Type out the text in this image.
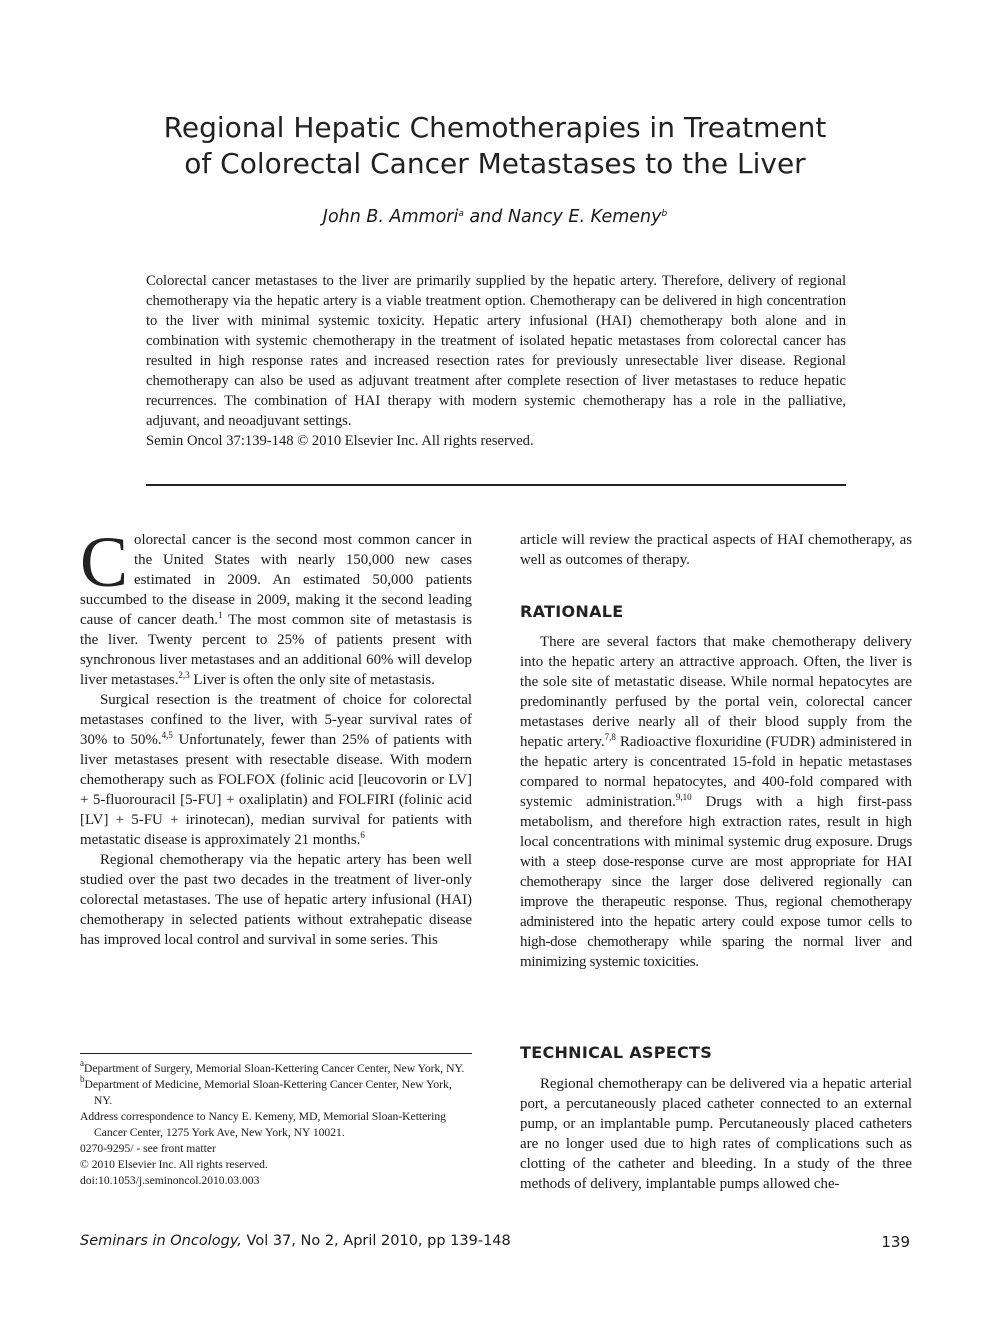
Regional Hepatic Chemotherapies in Treatment
of Colorectal Cancer Metastases to the Liver
John B. Ammori$^a$ and Nancy E. Kemeny$^b$

Colorectal cancer metastases to the liver are primarily supplied by the hepatic artery. Therefore, delivery of regional chemotherapy via the hepatic artery is a viable treatment option. Chemotherapy can be delivered in high concentration to the liver with minimal systemic toxicity. Hepatic artery infusional (HAI) chemotherapy both alone and in combination with systemic chemotherapy in the treatment of isolated hepatic metastases from colorectal cancer has resulted in high response rates and increased resection rates for previously unresectable liver disease. Regional chemotherapy can also be used as adjuvant treatment after complete resection of liver metastases to reduce hepatic recurrences. The combination of HAI therapy with modern systemic chemotherapy has a role in the palliative, adjuvant, and neoadjuvant settings.

Semin Oncol 37:139-148 © 2010 Elsevier Inc. All rights reserved.

Colorectal cancer is the second most common cancer in the United States with nearly 150,000 new cases estimated in 2009. An estimated 50,000 patients succumbed to the disease in 2009, making it the second leading cause of cancer death.$^1$ The most common site of metastasis is the liver. Twenty percent to 25% of patients present with synchronous liver metastases and an additional 60% will develop liver metastases.$^{2,3}$ Liver is often the only site of metastasis.

Surgical resection is the treatment of choice for colorectal metastases confined to the liver, with 5-year survival rates of 30% to 50%.$^{4,5}$ Unfortunately, fewer than 25% of patients with liver metastases present with resectable disease. With modern chemotherapy such as FOLFOX (folinic acid [leucovorin or LV] + 5-fluorouracil [5-FU] + oxaliplatin) and FOLFIRI (folinic acid [LV] + 5-FU + irinotecan), median survival for patients with metastatic disease is approximately 21 months.$^6$

Regional chemotherapy via the hepatic artery has been well studied over the past two decades in the treatment of liver-only colorectal metastases. The use of hepatic artery infusional (HAI) chemotherapy in selected patients without extrahepatic disease has improved local control and survival in some series. This

article will review the practical aspects of HAI chemotherapy, as well as outcomes of therapy.

RATIONALE

There are several factors that make chemotherapy delivery into the hepatic artery an attractive approach. Often, the liver is the sole site of metastatic disease. While normal hepatocytes are predominantly perfused by the portal vein, colorectal cancer metastases derive nearly all of their blood supply from the hepatic artery.$^{7,8}$ Radioactive floxuridine (FUDR) administered in the hepatic artery is concentrated 15-fold in hepatic metastases compared to normal hepatocytes, and 400-fold compared with systemic administration.$^{9,10}$ Drugs with a high first-pass metabolism, and therefore high extraction rates, result in high local concentrations with minimal systemic drug exposure. Drugs with a steep dose-response curve are most appropriate for HAI chemotherapy since the larger dose delivered regionally can improve the therapeutic response. Thus, regional chemotherapy administered into the hepatic artery could expose tumor cells to high-dose chemotherapy while sparing the normal liver and minimizing systemic toxicities.

TECHNICAL ASPECTS

Regional chemotherapy can be delivered via a hepatic arterial port, a percutaneously placed catheter connected to an external pump, or an implantable pump. Percutaneously placed catheters are no longer used due to high rates of complications such as clotting of the catheter and bleeding. In a study of the three methods of delivery, implantable pumps allowed che-

$^a$Department of Surgery, Memorial Sloan-Kettering Cancer Center, New York, NY.

$^b$Department of Medicine, Memorial Sloan-Kettering Cancer Center, New York, NY.

Address correspondence to Nancy E. Kemeny, MD, Memorial Sloan-Kettering Cancer Center, 1275 York Ave, New York, NY 10021.

0270-9295/ - see front matter

© 2010 Elsevier Inc. All rights reserved.

doi:10.1053/j.seminoncol.2010.03.003

Seminars in Oncology, Vol 37, No 2, April 2010, pp 139-148	139
